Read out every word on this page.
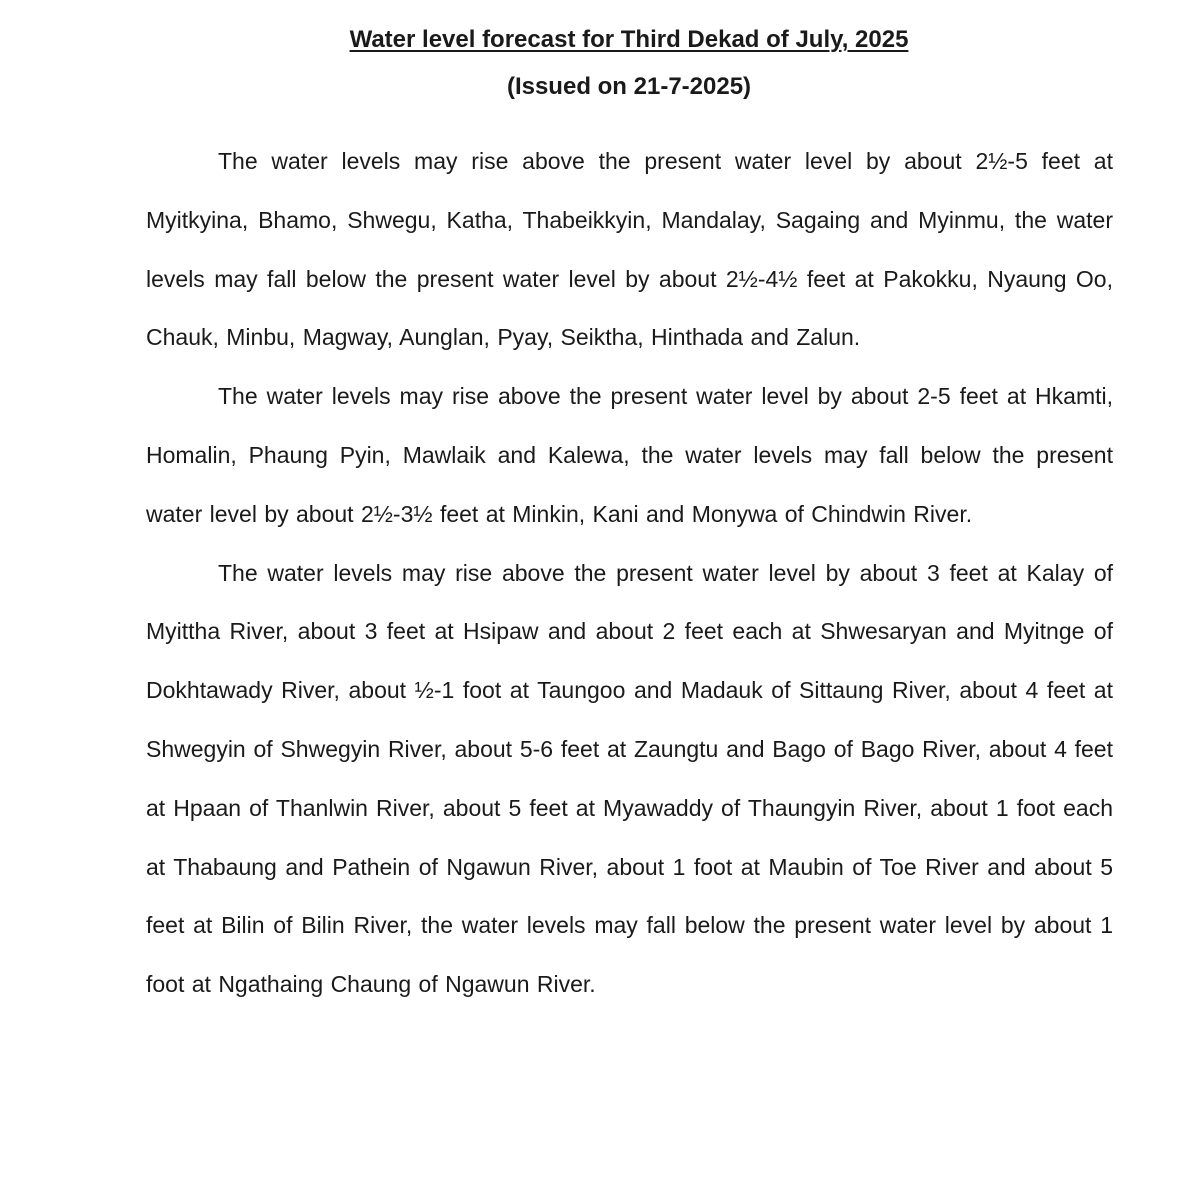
Water level forecast for Third Dekad of July, 2025
(Issued on 21-7-2025)

The water levels may rise above the present water level by about 2½-5 feet at Myitkyina, Bhamo, Shwegu, Katha, Thabeikkyin, Mandalay, Sagaing and Myinmu, the water levels may fall below the present water level by about 2½-4½ feet at Pakokku, Nyaung Oo, Chauk, Minbu, Magway, Aunglan, Pyay, Seiktha, Hinthada and Zalun.

The water levels may rise above the present water level by about 2-5 feet at Hkamti, Homalin, Phaung Pyin, Mawlaik and Kalewa, the water levels may fall below the present water level by about 2½-3½ feet at Minkin, Kani and Monywa of Chindwin River.

The water levels may rise above the present water level by about 3 feet at Kalay of Myittha River, about 3 feet at Hsipaw and about 2 feet each at Shwesaryan and Myitnge of Dokhtawady River, about ½-1 foot at Taungoo and Madauk of Sittaung River, about 4 feet at Shwegyin of Shwegyin River, about 5-6 feet at Zaungtu and Bago of Bago River, about 4 feet at Hpaan of Thanlwin River, about 5 feet at Myawaddy of Thaungyin River, about 1 foot each at Thabaung and Pathein of Ngawun River, about 1 foot at Maubin of Toe River and about 5 feet at Bilin of Bilin River, the water levels may fall below the present water level by about 1 foot at Ngathaing Chaung of Ngawun River.
